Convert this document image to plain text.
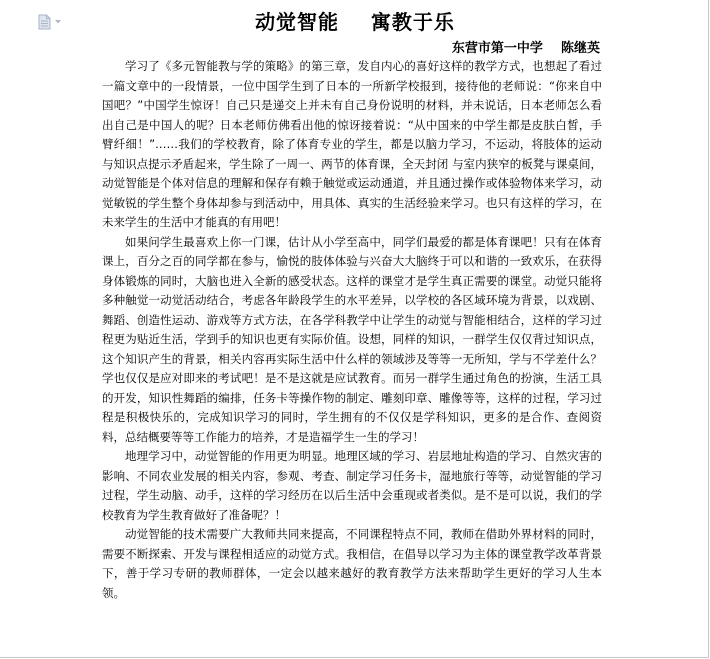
动觉智能    寓教于乐
东营市第一中学    陈继英

学习了《多元智能教与学的策略》的第三章，发自内心的喜好这样的教学方式，也想起了看过一篇文章中的一段情景，一位中国学生到了日本的一所新学校报到，接待他的老师说：“你来自中国吧？”中国学生惊讶！自己只是递交上并未有自己身份说明的材料，并未说话，日本老师怎么看出自己是中国人的呢？日本老师仿佛看出他的惊讶接着说：“从中国来的中学生都是皮肤白皙，手臂纤细！”……我们的学校教育，除了体育专业的学生，都是以脑力学习，不运动，将肢体的运动与知识点提示矛盾起来，学生除了一周一、两节的体育课，全天封闭 与室内狭窄的板凳与课桌间，动觉智能是个体对信息的理解和保存有赖于触觉或运动通道，并且通过操作或体验物体来学习，动觉敏锐的学生整个身体却参与到活动中，用具体、真实的生活经验来学习。也只有这样的学习，在未来学生的生活中才能真的有用吧！

如果问学生最喜欢上你一门课，估计从小学至高中，同学们最爱的都是体育课吧！只有在体育课上，百分之百的同学都在参与，愉悦的肢体体验与兴奋大大脑终于可以和谐的一致欢乐，在获得身体锻炼的同时，大脑也进入全新的感受状态。这样的课堂才是学生真正需要的课堂。动觉只能将多种触觉一动觉活动结合，考虑各年龄段学生的水平差异，以学校的各区域环境为背景，以戏剧、舞蹈、创造性运动、游戏等方式方法，在各学科教学中让学生的动觉与智能相结合，这样的学习过程更为贴近生活，学到手的知识也更有实际价值。设想，同样的知识，一群学生仅仅背过知识点，这个知识产生的背景，相关内容再实际生活中什么样的领域涉及等等一无所知，学与不学差什么？学也仅仅是应对即来的考试吧！是不是这就是应试教育。而另一群学生通过角色的扮演，生活工具的开发，知识性舞蹈的编排，任务卡等操作物的制定、雕刻印章、雕像等等，这样的过程，学习过程是积极快乐的，完成知识学习的同时，学生拥有的不仅仅是学科知识，更多的是合作、查阅资料，总结概要等等工作能力的培养，才是造福学生一生的学习！

地理学习中，动觉智能的作用更为明显。地理区域的学习、岩层地址构造的学习、自然灾害的影响、不同农业发展的相关内容，参观、考查、制定学习任务卡，湿地旅行等等，动觉智能的学习过程，学生动脑、动手，这样的学习经历在以后生活中会重现或者类似。是不是可以说，我们的学校教育为学生教育做好了准备呢？！

动觉智能的技术需要广大教师共同来提高，不同课程特点不同，教师在借助外界材料的同时，需要不断探索、开发与课程相适应的动觉方式。我相信，在倡导以学习为主体的课堂教学改革背景下，善于学习专研的教师群体，一定会以越来越好的教育教学方法来帮助学生更好的学习人生本领。
